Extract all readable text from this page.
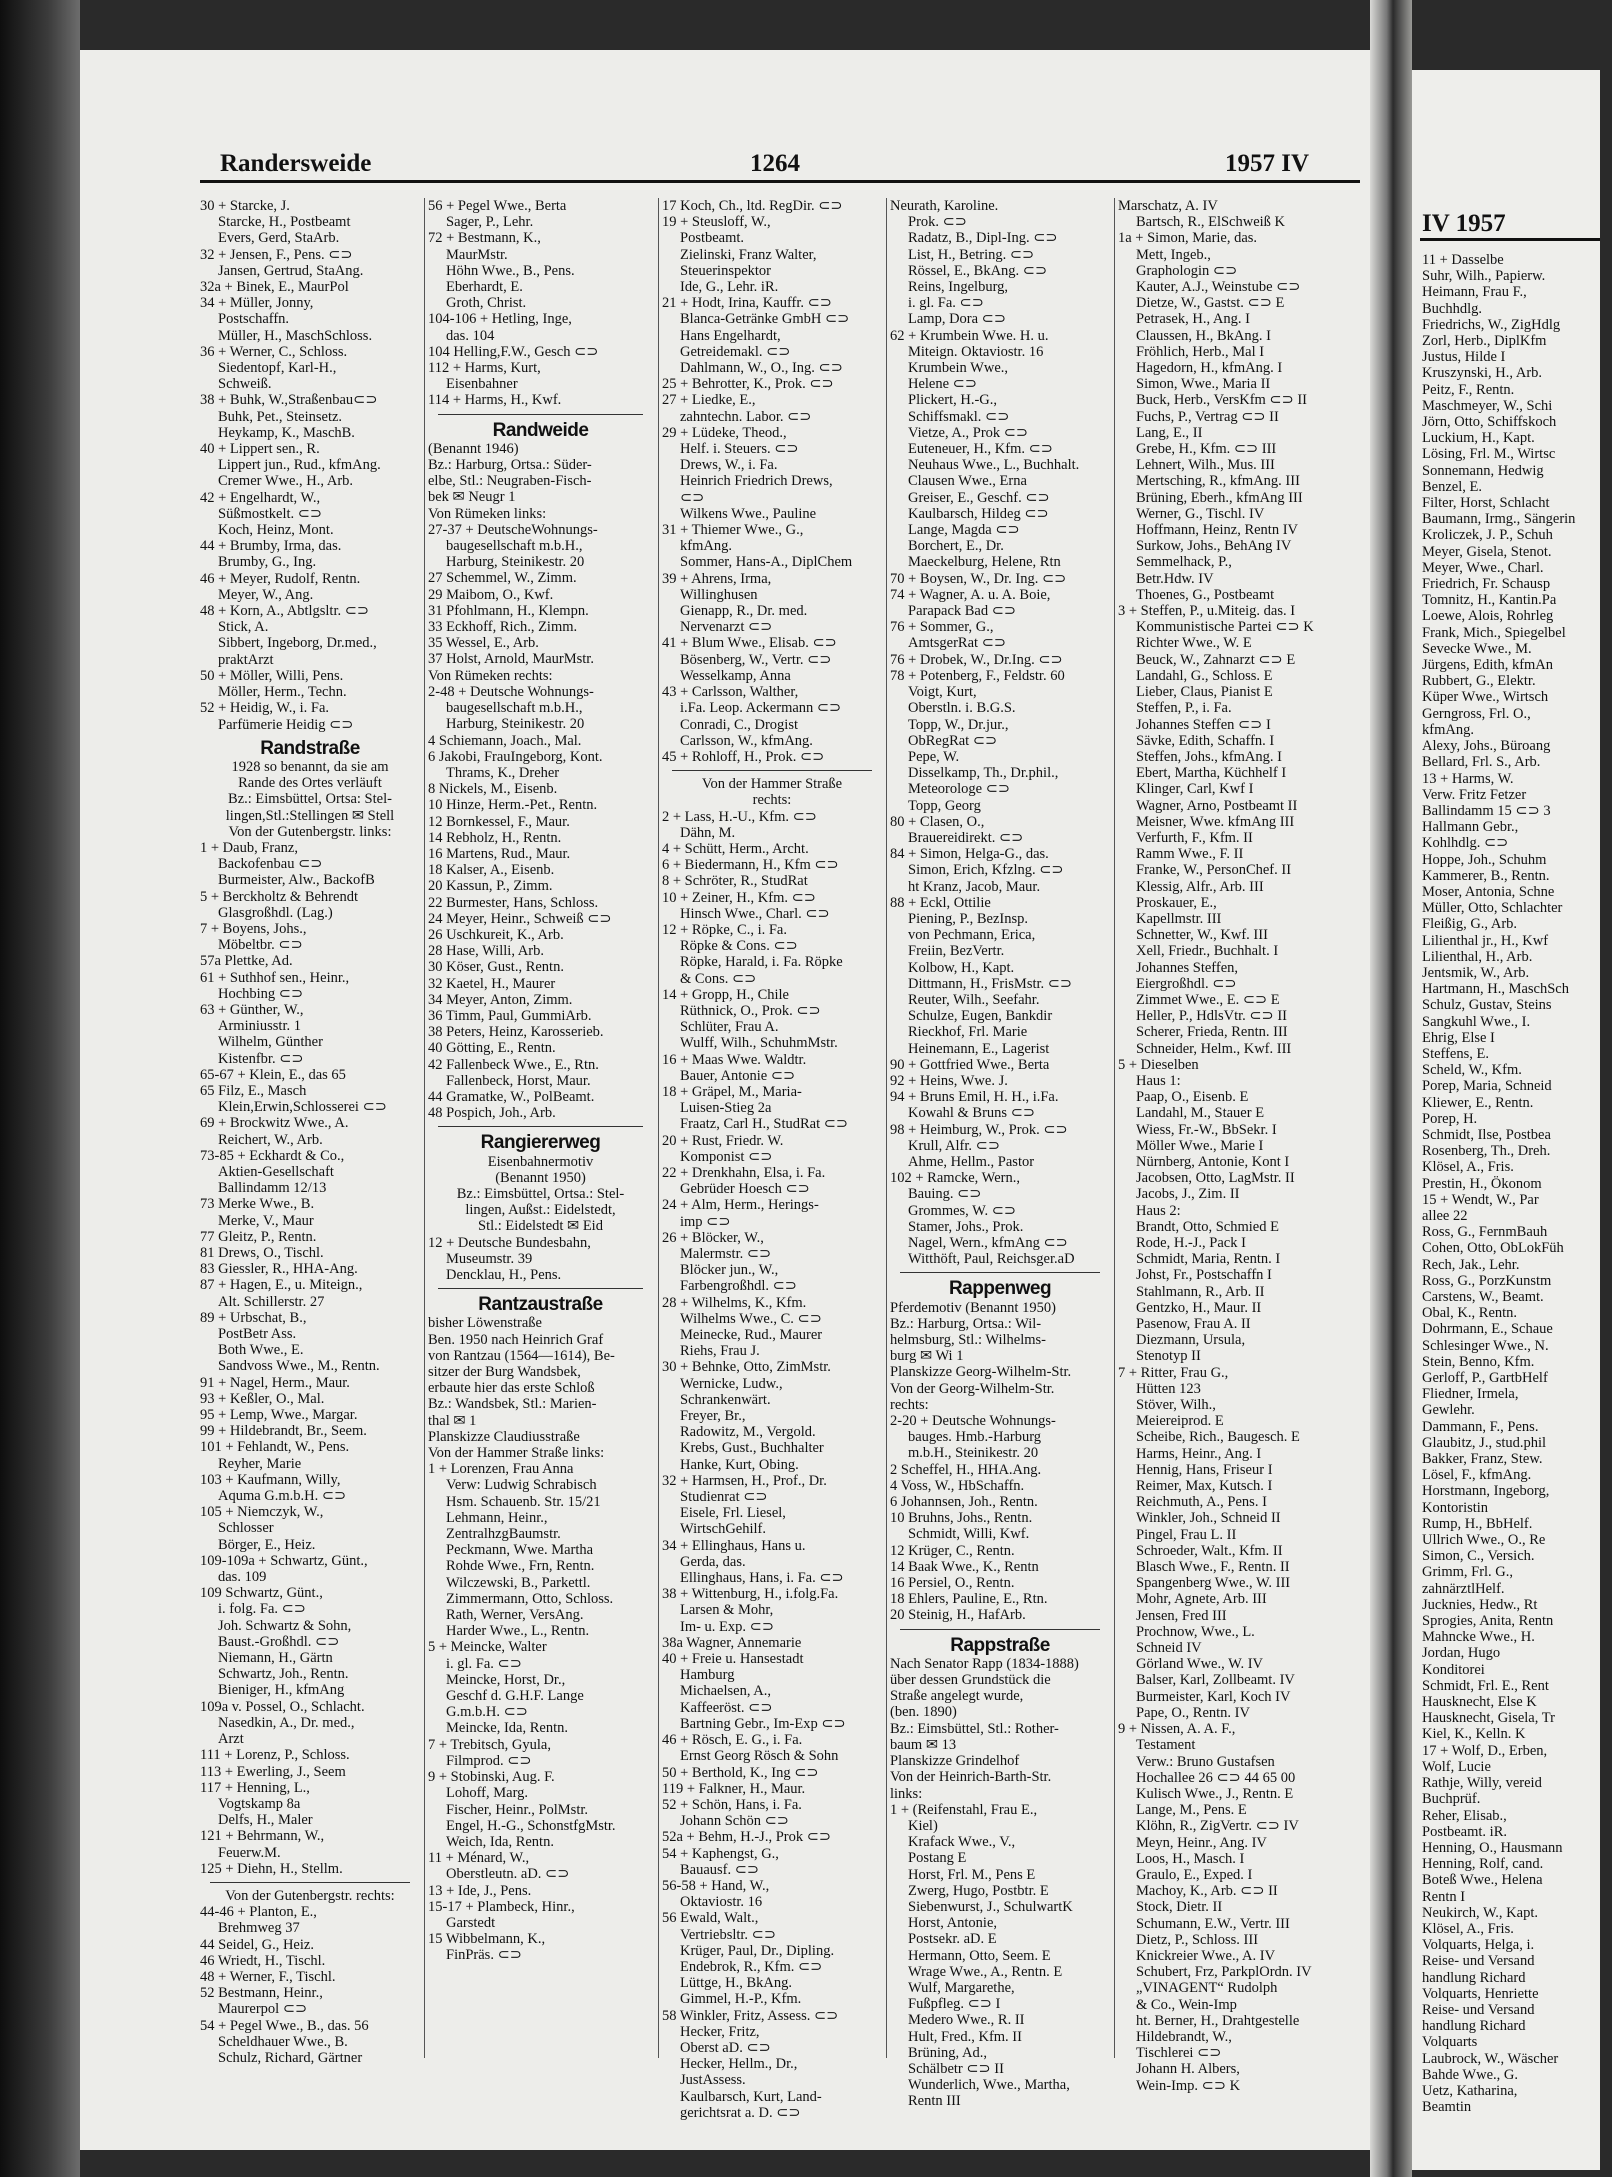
Randersweide	1264	1957 IV
30 + Starcke, J.
Starcke, H., Postbeamt
Evers, Gerd, StaArb.
32 + Jensen, F., Pens. ⊂⊃
Jansen, Gertrud, StaAng.
32a + Binek, E., MaurPol
34 + Müller, Jonny,
Postschaffn.
Müller, H., MaschSchloss.
36 + Werner, C., Schloss.
Siedentopf, Karl-H.,
Schweiß.
38 + Buhk, W.,Straßenbau⊂⊃
Buhk, Pet., Steinsetz.
Heykamp, K., MaschB.
40 + Lippert sen., R.
Lippert jun., Rud., kfmAng.
Cremer Wwe., H., Arb.
42 + Engelhardt, W.,
Süßmostkelt. ⊂⊃
Koch, Heinz, Mont.
44 + Brumby, Irma, das.
Brumby, G., Ing.
46 + Meyer, Rudolf, Rentn.
Meyer, W., Ang.
48 + Korn, A., Abtlgsltr. ⊂⊃
Stick, A.
Sibbert, Ingeborg, Dr.med.,
praktArzt
50 + Möller, Willi, Pens.
Möller, Herm., Techn.
52 + Heidig, W., i. Fa.
Parfümerie Heidig ⊂⊃
Randstraße
1928 so benannt, da sie am
Rande des Ortes verläuft
Bz.: Eimsbüttel, Ortsa: Stel-
lingen,Stl.:Stellingen ✉ Stell
Von der Gutenbergstr. links:
1 + Daub, Franz,
Backofenbau ⊂⊃
Burmeister, Alw., BackofB
5 + Berckholtz & Behrendt
Glasgroßhdl. (Lag.)
7 + Boyens, Johs.,
Möbeltbr. ⊂⊃
57a Plettke, Ad.
61 + Suthhof sen., Heinr.,
Hochbing ⊂⊃
63 + Günther, W.,
Arminiusstr. 1
Wilhelm, Günther
Kistenfbr. ⊂⊃
65-67 + Klein, E., das 65
65 Filz, E., Masch
Klein,Erwin,Schlosserei ⊂⊃
69 + Brockwitz Wwe., A.
Reichert, W., Arb.
73-85 + Eckhardt & Co.,
Aktien-Gesellschaft
Ballindamm 12/13
73 Merke Wwe., B.
Merke, V., Maur
77 Gleitz, P., Rentn.
81 Drews, O., Tischl.
83 Giessler, R., HHA-Ang.
87 + Hagen, E., u. Miteign.,
Alt. Schillerstr. 27
89 + Urbschat, B.,
PostBetr Ass.
Both Wwe., E.
Sandvoss Wwe., M., Rentn.
91 + Nagel, Herm., Maur.
93 + Keßler, O., Mal.
95 + Lemp, Wwe., Margar.
99 + Hildebrandt, Br., Seem.
101 + Fehlandt, W., Pens.
Reyher, Marie
103 + Kaufmann, Willy,
Aquma G.m.b.H. ⊂⊃
105 + Niemczyk, W.,
Schlosser
Börger, E., Heiz.
109-109a + Schwartz, Günt.,
das. 109
109 Schwartz, Günt.,
i. folg. Fa. ⊂⊃
Joh. Schwartz & Sohn,
Baust.-Großhdl. ⊂⊃
Niemann, H., Gärtn
Schwartz, Joh., Rentn.
Bieniger, H., kfmAng
109a v. Possel, O., Schlacht.
Nasedkin, A., Dr. med.,
Arzt
111 + Lorenz, P., Schloss.
113 + Ewerling, J., Seem
117 + Henning, L.,
Vogtskamp 8a
Delfs, H., Maler
121 + Behrmann, W.,
Feuerw.M.
125 + Diehn, H., Stellm.
Von der Gutenbergstr. rechts:
44-46 + Planton, E.,
Brehmweg 37
44 Seidel, G., Heiz.
46 Wriedt, H., Tischl.
48 + Werner, F., Tischl.
52 Bestmann, Heinr.,
Maurerpol ⊂⊃
54 + Pegel Wwe., B., das. 56
Scheldhauer Wwe., B.
Schulz, Richard, Gärtner
56 + Pegel Wwe., Berta
Sager, P., Lehr.
72 + Bestmann, K.,
MaurMstr.
Höhn Wwe., B., Pens.
Eberhardt, E.
Groth, Christ.
104-106 + Hetling, Inge,
das. 104
104 Helling,F.W., Gesch ⊂⊃
112 + Harms, Kurt,
Eisenbahner
114 + Harms, H., Kwf.
Randweide
(Benannt 1946)
Bz.: Harburg, Ortsa.: Süder-
elbe, Stl.: Neugraben-Fisch-
bek ✉ Neugr 1
Von Rümeken links:
27-37 + DeutscheWohnungs-
baugesellschaft m.b.H.,
Harburg, Steinikestr. 20
27 Schemmel, W., Zimm.
29 Maibom, O., Kwf.
31 Pfohlmann, H., Klempn.
33 Eckhoff, Rich., Zimm.
35 Wessel, E., Arb.
37 Holst, Arnold, MaurMstr.
Von Rümeken rechts:
2-48 + Deutsche Wohnungs-
baugesellschaft m.b.H.,
Harburg, Steinikestr. 20
4 Schiemann, Joach., Mal.
6 Jakobi, FrauIngeborg, Kont.
Thrams, K., Dreher
8 Nickels, M., Eisenb.
10 Hinze, Herm.-Pet., Rentn.
12 Bornkessel, F., Maur.
14 Rebholz, H., Rentn.
16 Martens, Rud., Maur.
18 Kalser, A., Eisenb.
20 Kassun, P., Zimm.
22 Burmester, Hans, Schloss.
24 Meyer, Heinr., Schweiß ⊂⊃
26 Uschkureit, K., Arb.
28 Hase, Willi, Arb.
30 Köser, Gust., Rentn.
32 Kaetel, H., Maurer
34 Meyer, Anton, Zimm.
36 Timm, Paul, GummiArb.
38 Peters, Heinz, Karosserieb.
40 Götting, E., Rentn.
42 Fallenbeck Wwe., E., Rtn.
Fallenbeck, Horst, Maur.
44 Gramatke, W., PolBeamt.
48 Pospich, Joh., Arb.
Rangiererweg
Eisenbahnermotiv
(Benannt 1950)
Bz.: Eimsbüttel, Ortsa.: Stel-
lingen, Außst.: Eidelstedt,
Stl.: Eidelstedt ✉ Eid
12 + Deutsche Bundesbahn,
Museumstr. 39
Dencklau, H., Pens.
Rantzaustraße
bisher Löwenstraße
Ben. 1950 nach Heinrich Graf
von Rantzau (1564—1614), Be-
sitzer der Burg Wandsbek,
erbaute hier das erste Schloß
Bz.: Wandsbek, Stl.: Marien-
thal ✉ 1
Planskizze Claudiusstraße
Von der Hammer Straße links:
1 + Lorenzen, Frau Anna
Verw: Ludwig Schrabisch
Hsm. Schauenb. Str. 15/21
Lehmann, Heinr.,
ZentralhzgBaumstr.
Peckmann, Wwe. Martha
Rohde Wwe., Frn, Rentn.
Wilczewski, B., Parkettl.
Zimmermann, Otto, Schloss.
Rath, Werner, VersAng.
Harder Wwe., L., Rentn.
5 + Meincke, Walter
i. gl. Fa. ⊂⊃
Meincke, Horst, Dr.,
Geschf d. G.H.F. Lange
G.m.b.H. ⊂⊃
Meincke, Ida, Rentn.
7 + Trebitsch, Gyula,
Filmprod. ⊂⊃
9 + Stobinski, Aug. F.
Lohoff, Marg.
Fischer, Heinr., PolMstr.
Engel, H.-G., SchonstfgMstr.
Weich, Ida, Rentn.
11 + Ménard, W.,
Oberstleutn. aD. ⊂⊃
13 + Ide, J., Pens.
15-17 + Plambeck, Hinr.,
Garstedt
15 Wibbelmann, K.,
FinPräs. ⊂⊃
17 Koch, Ch., ltd. RegDir. ⊂⊃
19 + Steusloff, W.,
Postbeamt.
Zielinski, Franz Walter,
Steuerinspektor
Ide, G., Lehr. iR.
21 + Hodt, Irina, Kauffr. ⊂⊃
Blanca-Getränke GmbH ⊂⊃
Hans Engelhardt,
Getreidemakl. ⊂⊃
Dahlmann, W., O., Ing. ⊂⊃
25 + Behrotter, K., Prok. ⊂⊃
27 + Liedke, E.,
zahntechn. Labor. ⊂⊃
29 + Lüdeke, Theod.,
Helf. i. Steuers. ⊂⊃
Drews, W., i. Fa.
Heinrich Friedrich Drews,
⊂⊃
Wilkens Wwe., Pauline
31 + Thiemer Wwe., G.,
kfmAng.
Sommer, Hans-A., DiplChem
39 + Ahrens, Irma,
Willinghusen
Gienapp, R., Dr. med.
Nervenarzt ⊂⊃
41 + Blum Wwe., Elisab. ⊂⊃
Bösenberg, W., Vertr. ⊂⊃
Wesselkamp, Anna
43 + Carlsson, Walther,
i.Fa. Leop. Ackermann ⊂⊃
Conradi, C., Drogist
Carlsson, W., kfmAng.
45 + Rohloff, H., Prok. ⊂⊃
Von der Hammer Straße
rechts:
2 + Lass, H.-U., Kfm. ⊂⊃
Dähn, M.
4 + Schütt, Herm., Archt.
6 + Biedermann, H., Kfm ⊂⊃
8 + Schröter, R., StudRat
10 + Zeiner, H., Kfm. ⊂⊃
Hinsch Wwe., Charl. ⊂⊃
12 + Röpke, C., i. Fa.
Röpke & Cons. ⊂⊃
Röpke, Harald, i. Fa. Röpke
& Cons. ⊂⊃
14 + Gropp, H., Chile
Rüthnick, O., Prok. ⊂⊃
Schlüter, Frau A.
Wulff, Wilh., SchuhmMstr.
16 + Maas Wwe. Waldtr.
Bauer, Antonie ⊂⊃
18 + Gräpel, M., Maria-
Luisen-Stieg 2a
Fraatz, Carl H., StudRat ⊂⊃
20 + Rust, Friedr. W.
Komponist ⊂⊃
22 + Drenkhahn, Elsa, i. Fa.
Gebrüder Hoesch ⊂⊃
24 + Alm, Herm., Herings-
imp ⊂⊃
26 + Blöcker, W.,
Malermstr. ⊂⊃
Blöcker jun., W.,
Farbengroßhdl. ⊂⊃
28 + Wilhelms, K., Kfm.
Wilhelms Wwe., C. ⊂⊃
Meinecke, Rud., Maurer
Riehs, Frau J.
30 + Behnke, Otto, ZimMstr.
Wernicke, Ludw.,
Schrankenwärt.
Freyer, Br.,
Radowitz, M., Vergold.
Krebs, Gust., Buchhalter
Hanke, Kurt, Obing.
32 + Harmsen, H., Prof., Dr.
Studienrat ⊂⊃
Eisele, Frl. Liesel,
WirtschGehilf.
34 + Ellinghaus, Hans u.
Gerda, das.
Ellinghaus, Hans, i. Fa. ⊂⊃
38 + Wittenburg, H., i.folg.Fa.
Larsen & Mohr,
Im- u. Exp. ⊂⊃
38a Wagner, Annemarie
40 + Freie u. Hansestadt
Hamburg
Michaelsen, A.,
Kaffeeröst. ⊂⊃
Bartning Gebr., Im-Exp ⊂⊃
46 + Rösch, E. G., i. Fa.
Ernst Georg Rösch & Sohn
50 + Berthold, K., Ing ⊂⊃
119 + Falkner, H., Maur.
52 + Schön, Hans, i. Fa.
Johann Schön ⊂⊃
52a + Behm, H.-J., Prok ⊂⊃
54 + Kaphengst, G.,
Bauausf. ⊂⊃
56-58 + Hand, W.,
Oktaviostr. 16
56 Ewald, Walt.,
Vertriebsltr. ⊂⊃
Krüger, Paul, Dr., Dipling.
Endebrok, R., Kfm. ⊂⊃
Lüttge, H., BkAng.
Gimmel, H.-P., Kfm.
58 Winkler, Fritz, Assess. ⊂⊃
Hecker, Fritz,
Oberst aD. ⊂⊃
Hecker, Hellm., Dr.,
JustAssess.
Kaulbarsch, Kurt, Land-
gerichtsrat a. D. ⊂⊃
Neurath, Karoline.
Prok. ⊂⊃
Radatz, B., Dipl-Ing. ⊂⊃
List, H., Betring. ⊂⊃
Rössel, E., BkAng. ⊂⊃
Reins, Ingelburg,
i. gl. Fa. ⊂⊃
Lamp, Dora ⊂⊃
62 + Krumbein Wwe. H. u.
Miteign. Oktaviostr. 16
Krumbein Wwe.,
Helene ⊂⊃
Plickert, H.-G.,
Schiffsmakl. ⊂⊃
Vietze, A., Prok ⊂⊃
Euteneuer, H., Kfm. ⊂⊃
Neuhaus Wwe., L., Buchhalt.
Clausen Wwe., Erna
Greiser, E., Geschf. ⊂⊃
Kaulbarsch, Hildeg ⊂⊃
Lange, Magda ⊂⊃
Borchert, E., Dr.
Maeckelburg, Helene, Rtn
70 + Boysen, W., Dr. Ing. ⊂⊃
74 + Wagner, A. u. A. Boie,
Parapack Bad ⊂⊃
76 + Sommer, G.,
AmtsgerRat ⊂⊃
76 + Drobek, W., Dr.Ing. ⊂⊃
78 + Potenberg, F., Feldstr. 60
Voigt, Kurt,
Oberstln. i. B.G.S.
Topp, W., Dr.jur.,
ObRegRat ⊂⊃
Pepe, W.
Disselkamp, Th., Dr.phil.,
Meteorologe ⊂⊃
Topp, Georg
80 + Clasen, O.,
Brauereidirekt. ⊂⊃
84 + Simon, Helga-G., das.
Simon, Erich, Kfzlng. ⊂⊃
ht Kranz, Jacob, Maur.
88 + Eckl, Ottilie
Piening, P., BezInsp.
von Pechmann, Erica,
Freiin, BezVertr.
Kolbow, H., Kapt.
Dittmann, H., FrisMstr. ⊂⊃
Reuter, Wilh., Seefahr.
Schulze, Eugen, Bankdir
Rieckhof, Frl. Marie
Heinemann, E., Lagerist
90 + Gottfried Wwe., Berta
92 + Heins, Wwe. J.
94 + Bruns Emil, H. H., i.Fa.
Kowahl & Bruns ⊂⊃
98 + Heimburg, W., Prok. ⊂⊃
Krull, Alfr. ⊂⊃
Ahme, Hellm., Pastor
102 + Ramcke, Wern.,
Bauing. ⊂⊃
Grommes, W. ⊂⊃
Stamer, Johs., Prok.
Nagel, Wern., kfmAng ⊂⊃
Witthöft, Paul, Reichsger.aD
Rappenweg
Pferdemotiv (Benannt 1950)
Bz.: Harburg, Ortsa.: Wil-
helmsburg, Stl.: Wilhelms-
burg ✉ Wi 1
Planskizze Georg-Wilhelm-Str.
Von der Georg-Wilhelm-Str.
rechts:
2-20 + Deutsche Wohnungs-
bauges. Hmb.-Harburg
m.b.H., Steinikestr. 20
2 Scheffel, H., HHA.Ang.
4 Voss, W., HbSchaffn.
6 Johannsen, Joh., Rentn.
10 Bruhns, Johs., Rentn.
Schmidt, Willi, Kwf.
12 Krüger, C., Rentn.
14 Baak Wwe., K., Rentn
16 Persiel, O., Rentn.
18 Ehlers, Pauline, E., Rtn.
20 Steinig, H., HafArb.
Rappstraße
Nach Senator Rapp (1834-1888)
über dessen Grundstück die
Straße angelegt wurde,
(ben. 1890)
Bz.: Eimsbüttel, Stl.: Rother-
baum ✉ 13
Planskizze Grindelhof
Von der Heinrich-Barth-Str.
links:
1 + (Reifenstahl, Frau E.,
Kiel)
Krafack Wwe., V.,
Postang E
Horst, Frl. M., Pens E
Zwerg, Hugo, Postbtr. E
Siebenwurst, J., SchulwartK
Horst, Antonie,
Postsekr. aD. E
Hermann, Otto, Seem. E
Wrage Wwe., A., Rentn. E
Wulf, Margarethe,
Fußpfleg. ⊂⊃ I
Medero Wwe., R. II
Hult, Fred., Kfm. II
Brüning, Ad.,
Schälbetr ⊂⊃ II
Wunderlich, Wwe., Martha,
Rentn III
Marschatz, A. IV
Bartsch, R., ElSchweiß K
1a + Simon, Marie, das.
Mett, Ingeb.,
Graphologin ⊂⊃
Kauter, A.J., Weinstube ⊂⊃
Dietze, W., Gastst. ⊂⊃ E
Petrasek, H., Ang. I
Claussen, H., BkAng. I
Fröhlich, Herb., Mal I
Hagedorn, H., kfmAng. I
Simon, Wwe., Maria II
Buck, Herb., VersKfm ⊂⊃ II
Fuchs, P., Vertrag ⊂⊃ II
Lang, E., II
Grebe, H., Kfm. ⊂⊃ III
Lehnert, Wilh., Mus. III
Mertsching, R., kfmAng. III
Brüning, Eberh., kfmAng III
Werner, G., Tischl. IV
Hoffmann, Heinz, Rentn IV
Surkow, Johs., BehAng IV
Semmelhack, P.,
Betr.Hdw. IV
Thoenes, G., Postbeamt
3 + Steffen, P., u.Miteig. das. I
Kommunistische Partei ⊂⊃ K
Richter Wwe., W. E
Beuck, W., Zahnarzt ⊂⊃ E
Landahl, G., Schloss. E
Lieber, Claus, Pianist E
Steffen, P., i. Fa.
Johannes Steffen ⊂⊃ I
Sävke, Edith, Schaffn. I
Steffen, Johs., kfmAng. I
Ebert, Martha, Küchhelf I
Klinger, Carl, Kwf I
Wagner, Arno, Postbeamt II
Meisner, Wwe. kfmAng III
Verfurth, F., Kfm. II
Ramm Wwe., F. II
Franke, W., PersonChef. II
Klessig, Alfr., Arb. III
Proskauer, E.,
Kapellmstr. III
Schnetter, W., Kwf. III
Xell, Friedr., Buchhalt. I
Johannes Steffen,
Eiergroßhdl. ⊂⊃
Zimmet Wwe., E. ⊂⊃ E
Heller, P., HdlsVtr. ⊂⊃ II
Scherer, Frieda, Rentn. III
Schneider, Helm., Kwf. III
5 + Dieselben
Haus 1:
Paap, O., Eisenb. E
Landahl, M., Stauer E
Wiess, Fr.-W., BbSekr. I
Möller Wwe., Marie I
Nürnberg, Antonie, Kont I
Jacobsen, Otto, LagMstr. II
Jacobs, J., Zim. II
Haus 2:
Brandt, Otto, Schmied E
Rode, H.-J., Pack I
Schmidt, Maria, Rentn. I
Johst, Fr., Postschaffn I
Stahlmann, R., Arb. II
Gentzko, H., Maur. II
Pasenow, Frau A. II
Diezmann, Ursula,
Stenotyp II
7 + Ritter, Frau G.,
Hütten 123
Stöver, Wilh.,
Meiereiprod. E
Scheibe, Rich., Baugesch. E
Harms, Heinr., Ang. I
Hennig, Hans, Friseur I
Reimer, Max, Kutsch. I
Reichmuth, A., Pens. I
Winkler, Joh., Schneid II
Pingel, Frau L. II
Schroeder, Walt., Kfm. II
Blasch Wwe., F., Rentn. II
Spangenberg Wwe., W. III
Mohr, Agnete, Arb. III
Jensen, Fred III
Prochnow, Wwe., L.
Schneid IV
Görland Wwe., W. IV
Balser, Karl, Zollbeamt. IV
Burmeister, Karl, Koch IV
Pape, O., Rentn. IV
9 + Nissen, A. A. F.,
Testament
Verw.: Bruno Gustafsen
Hochallee 26 ⊂⊃ 44 65 00
Kulisch Wwe., J., Rentn. E
Lange, M., Pens. E
Klöhn, R., ZigVertr. ⊂⊃ IV
Meyn, Heinr., Ang. IV
Loos, H., Masch. I
Graulo, E., Exped. I
Machoy, K., Arb. ⊂⊃ II
Stock, Dietr. II
Schumann, E.W., Vertr. III
Dietz, P., Schloss. III
Knickreier Wwe., A. IV
Schubert, Frz, ParkplOrdn. IV
„VINAGENT“ Rudolph
& Co., Wein-Imp
ht. Berner, H., Drahtgestelle
Hildebrandt, W.,
Tischlerei ⊂⊃
Johann H. Albers,
Wein-Imp. ⊂⊃ K
IV 1957
11 + Dasselbe
Suhr, Wilh., Papierw.
Heimann, Frau F.,
Buchhdlg.
Friedrichs, W., ZigHdlg
Zorl, Herb., DiplKfm
Justus, Hilde I
Kruszynski, H., Arb.
Peitz, F., Rentn.
Maschmeyer, W., Schi
Jörn, Otto, Schiffskoch
Luckium, H., Kapt.
Lösing, Frl. M., Wirtsc
Sonnemann, Hedwig
Benzel, E.
Filter, Horst, Schlacht
Baumann, Irmg., Sängerin
Kroliczek, J. P., Schuh
Meyer, Gisela, Stenot.
Meyer, Wwe., Charl.
Friedrich, Fr. Schausp
Tomnitz, H., Kantin.Pa
Loewe, Alois, Rohrleg
Frank, Mich., Spiegelbel
Sevecke Wwe., M.
Jürgens, Edith, kfmAn
Rubbert, G., Elektr.
Küper Wwe., Wirtsch
Gerngross, Frl. O.,
kfmAng.
Alexy, Johs., Büroang
Bellard, Frl. S., Arb.
13 + Harms, W.
Verw. Fritz Fetzer
Ballindamm 15 ⊂⊃ 3
Hallmann Gebr.,
Kohlhdlg. ⊂⊃
Hoppe, Joh., Schuhm
Kammerer, B., Rentn.
Moser, Antonia, Schne
Müller, Otto, Schlachter
Fleißig, G., Arb.
Lilienthal jr., H., Kwf
Lilienthal, H., Arb.
Jentsmik, W., Arb.
Hartmann, H., MaschSch
Schulz, Gustav, Steins
Sangkuhl Wwe., I.
Ehrig, Else I
Steffens, E.
Scheld, W., Kfm.
Porep, Maria, Schneid
Kliewer, E., Rentn.
Porep, H.
Schmidt, Ilse, Postbea
Rosenberg, Th., Dreh.
Klösel, A., Fris.
Prestin, H., Ökonom
15 + Wendt, W., Par
allee 22
Ross, G., FernmBauh
Cohen, Otto, ObLokFüh
Rech, Jak., Lehr.
Ross, G., PorzKunstm
Carstens, W., Beamt.
Obal, K., Rentn.
Dohrmann, E., Schaue
Schlesinger Wwe., N.
Stein, Benno, Kfm.
Gerloff, P., GartbHelf
Fliedner, Irmela,
Gewlehr.
Dammann, F., Pens.
Glaubitz, J., stud.phil
Bakker, Franz, Stew.
Lösel, F., kfmAng.
Horstmann, Ingeborg,
Kontoristin
Rump, H., BbHelf.
Ullrich Wwe., O., Re
Simon, C., Versich.
Grimm, Frl. G.,
zahnärztlHelf.
Jucknies, Hedw., Rt
Sprogies, Anita, Rentn
Mahncke Wwe., H.
Jordan, Hugo
Konditorei
Schmidt, Frl. E., Rent
Hausknecht, Else K
Hausknecht, Gisela, Tr
Kiel, K., Kelln. K
17 + Wolf, D., Erben,
Wolf, Lucie
Rathje, Willy, vereid
Buchprüf.
Reher, Elisab.,
Postbeamt. iR.
Henning, O., Hausmann
Henning, Rolf, cand.
Boteß Wwe., Helena
Rentn I
Neukirch, W., Kapt.
Klösel, A., Fris.
Volquarts, Helga, i.
Reise- und Versand
handlung Richard
Volquarts, Henriette
Reise- und Versand
handlung Richard
Volquarts
Laubrock, W., Wäscher
Bahde Wwe., G.
Uetz, Katharina,
Beamtin
